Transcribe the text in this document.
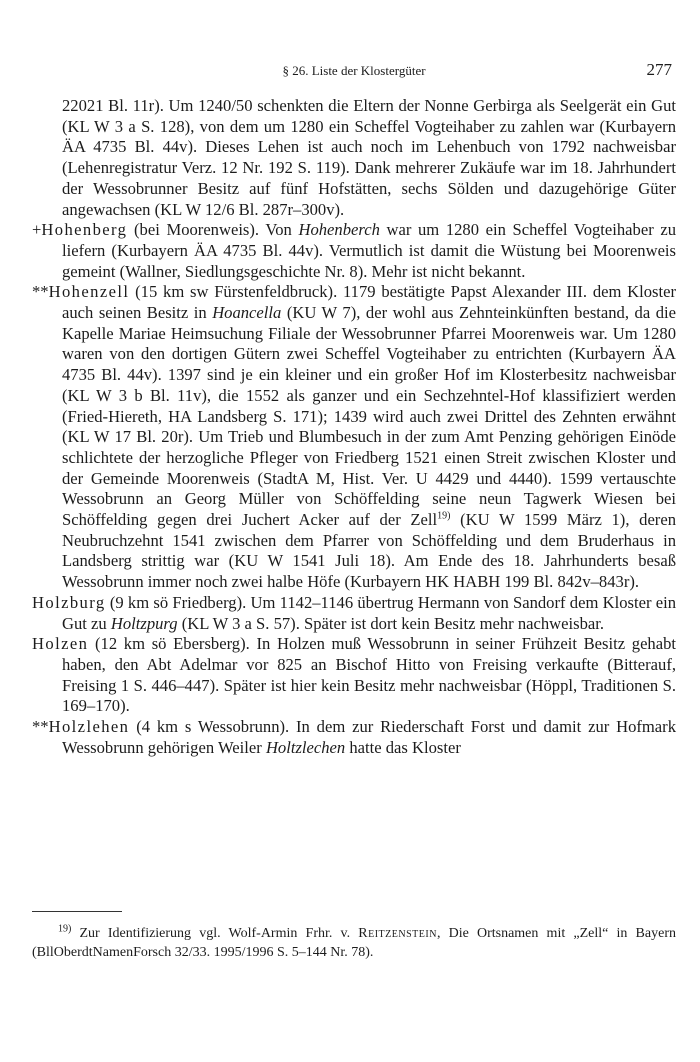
§ 26. Liste der Klostergüter	277

22021 Bl. 11r). Um 1240/50 schenkten die Eltern der Nonne Gerbirga als Seelgerät ein Gut (KL W 3 a S. 128), von dem um 1280 ein Scheffel Vogteihaber zu zahlen war (Kurbayern ÄA 4735 Bl. 44v). Dieses Lehen ist auch noch im Lehenbuch von 1792 nachweisbar (Lehenregistratur Verz. 12 Nr. 192 S. 119). Dank mehrerer Zukäufe war im 18. Jahrhundert der Wessobrunner Besitz auf fünf Hofstätten, sechs Sölden und dazugehörige Güter angewachsen (KL W 12/6 Bl. 287r–300v).

+Hohenberg (bei Moorenweis). Von Hohenberch war um 1280 ein Scheffel Vogteihaber zu liefern (Kurbayern ÄA 4735 Bl. 44v). Vermutlich ist damit die Wüstung bei Moorenweis gemeint (Wallner, Siedlungsgeschichte Nr. 8). Mehr ist nicht bekannt.

**Hohenzell (15 km sw Fürstenfeldbruck). 1179 bestätigte Papst Alexander III. dem Kloster auch seinen Besitz in Hoancella (KU W 7), der wohl aus Zehnteinkünften bestand, da die Kapelle Mariae Heimsuchung Filiale der Wessobrunner Pfarrei Moorenweis war. Um 1280 waren von den dortigen Gütern zwei Scheffel Vogteihaber zu entrichten (Kurbayern ÄA 4735 Bl. 44v). 1397 sind je ein kleiner und ein großer Hof im Klosterbesitz nachweisbar (KL W 3 b Bl. 11v), die 1552 als ganzer und ein Sechzehntel-Hof klassifiziert werden (Fried-Hiereth, HA Landsberg S. 171); 1439 wird auch zwei Drittel des Zehnten erwähnt (KL W 17 Bl. 20r). Um Trieb und Blumbesuch in der zum Amt Penzing gehörigen Einöde schlichtete der herzogliche Pfleger von Friedberg 1521 einen Streit zwischen Kloster und der Gemeinde Moorenweis (StadtA M, Hist. Ver. U 4429 und 4440). 1599 vertauschte Wessobrunn an Georg Müller von Schöffelding seine neun Tagwerk Wiesen bei Schöffelding gegen drei Juchert Acker auf der Zell$^{19)}$ (KU W 1599 März 1), deren Neubruchzehnt 1541 zwischen dem Pfarrer von Schöffelding und dem Bruderhaus in Landsberg strittig war (KU W 1541 Juli 18). Am Ende des 18. Jahrhunderts besaß Wessobrunn immer noch zwei halbe Höfe (Kurbayern HK HABH 199 Bl. 842v–843r).

Holzburg (9 km sö Friedberg). Um 1142–1146 übertrug Hermann von Sandorf dem Kloster ein Gut zu Holtzpurg (KL W 3 a S. 57). Später ist dort kein Besitz mehr nachweisbar.

Holzen (12 km sö Ebersberg). In Holzen muß Wessobrunn in seiner Frühzeit Besitz gehabt haben, den Abt Adelmar vor 825 an Bischof Hitto von Freising verkaufte (Bitterauf, Freising 1 S. 446–447). Später ist hier kein Besitz mehr nachweisbar (Höppl, Traditionen S. 169–170).

**Holzlehen (4 km s Wessobrunn). In dem zur Riederschaft Forst und damit zur Hofmark Wessobrunn gehörigen Weiler Holtzlechen hatte das Kloster

$^{19)}$ Zur Identifizierung vgl. Wolf-Armin Frhr. v. Reitzenstein, Die Ortsnamen mit „Zell“ in Bayern (BllOberdtNamenForsch 32/33. 1995/1996 S. 5–144 Nr. 78).
